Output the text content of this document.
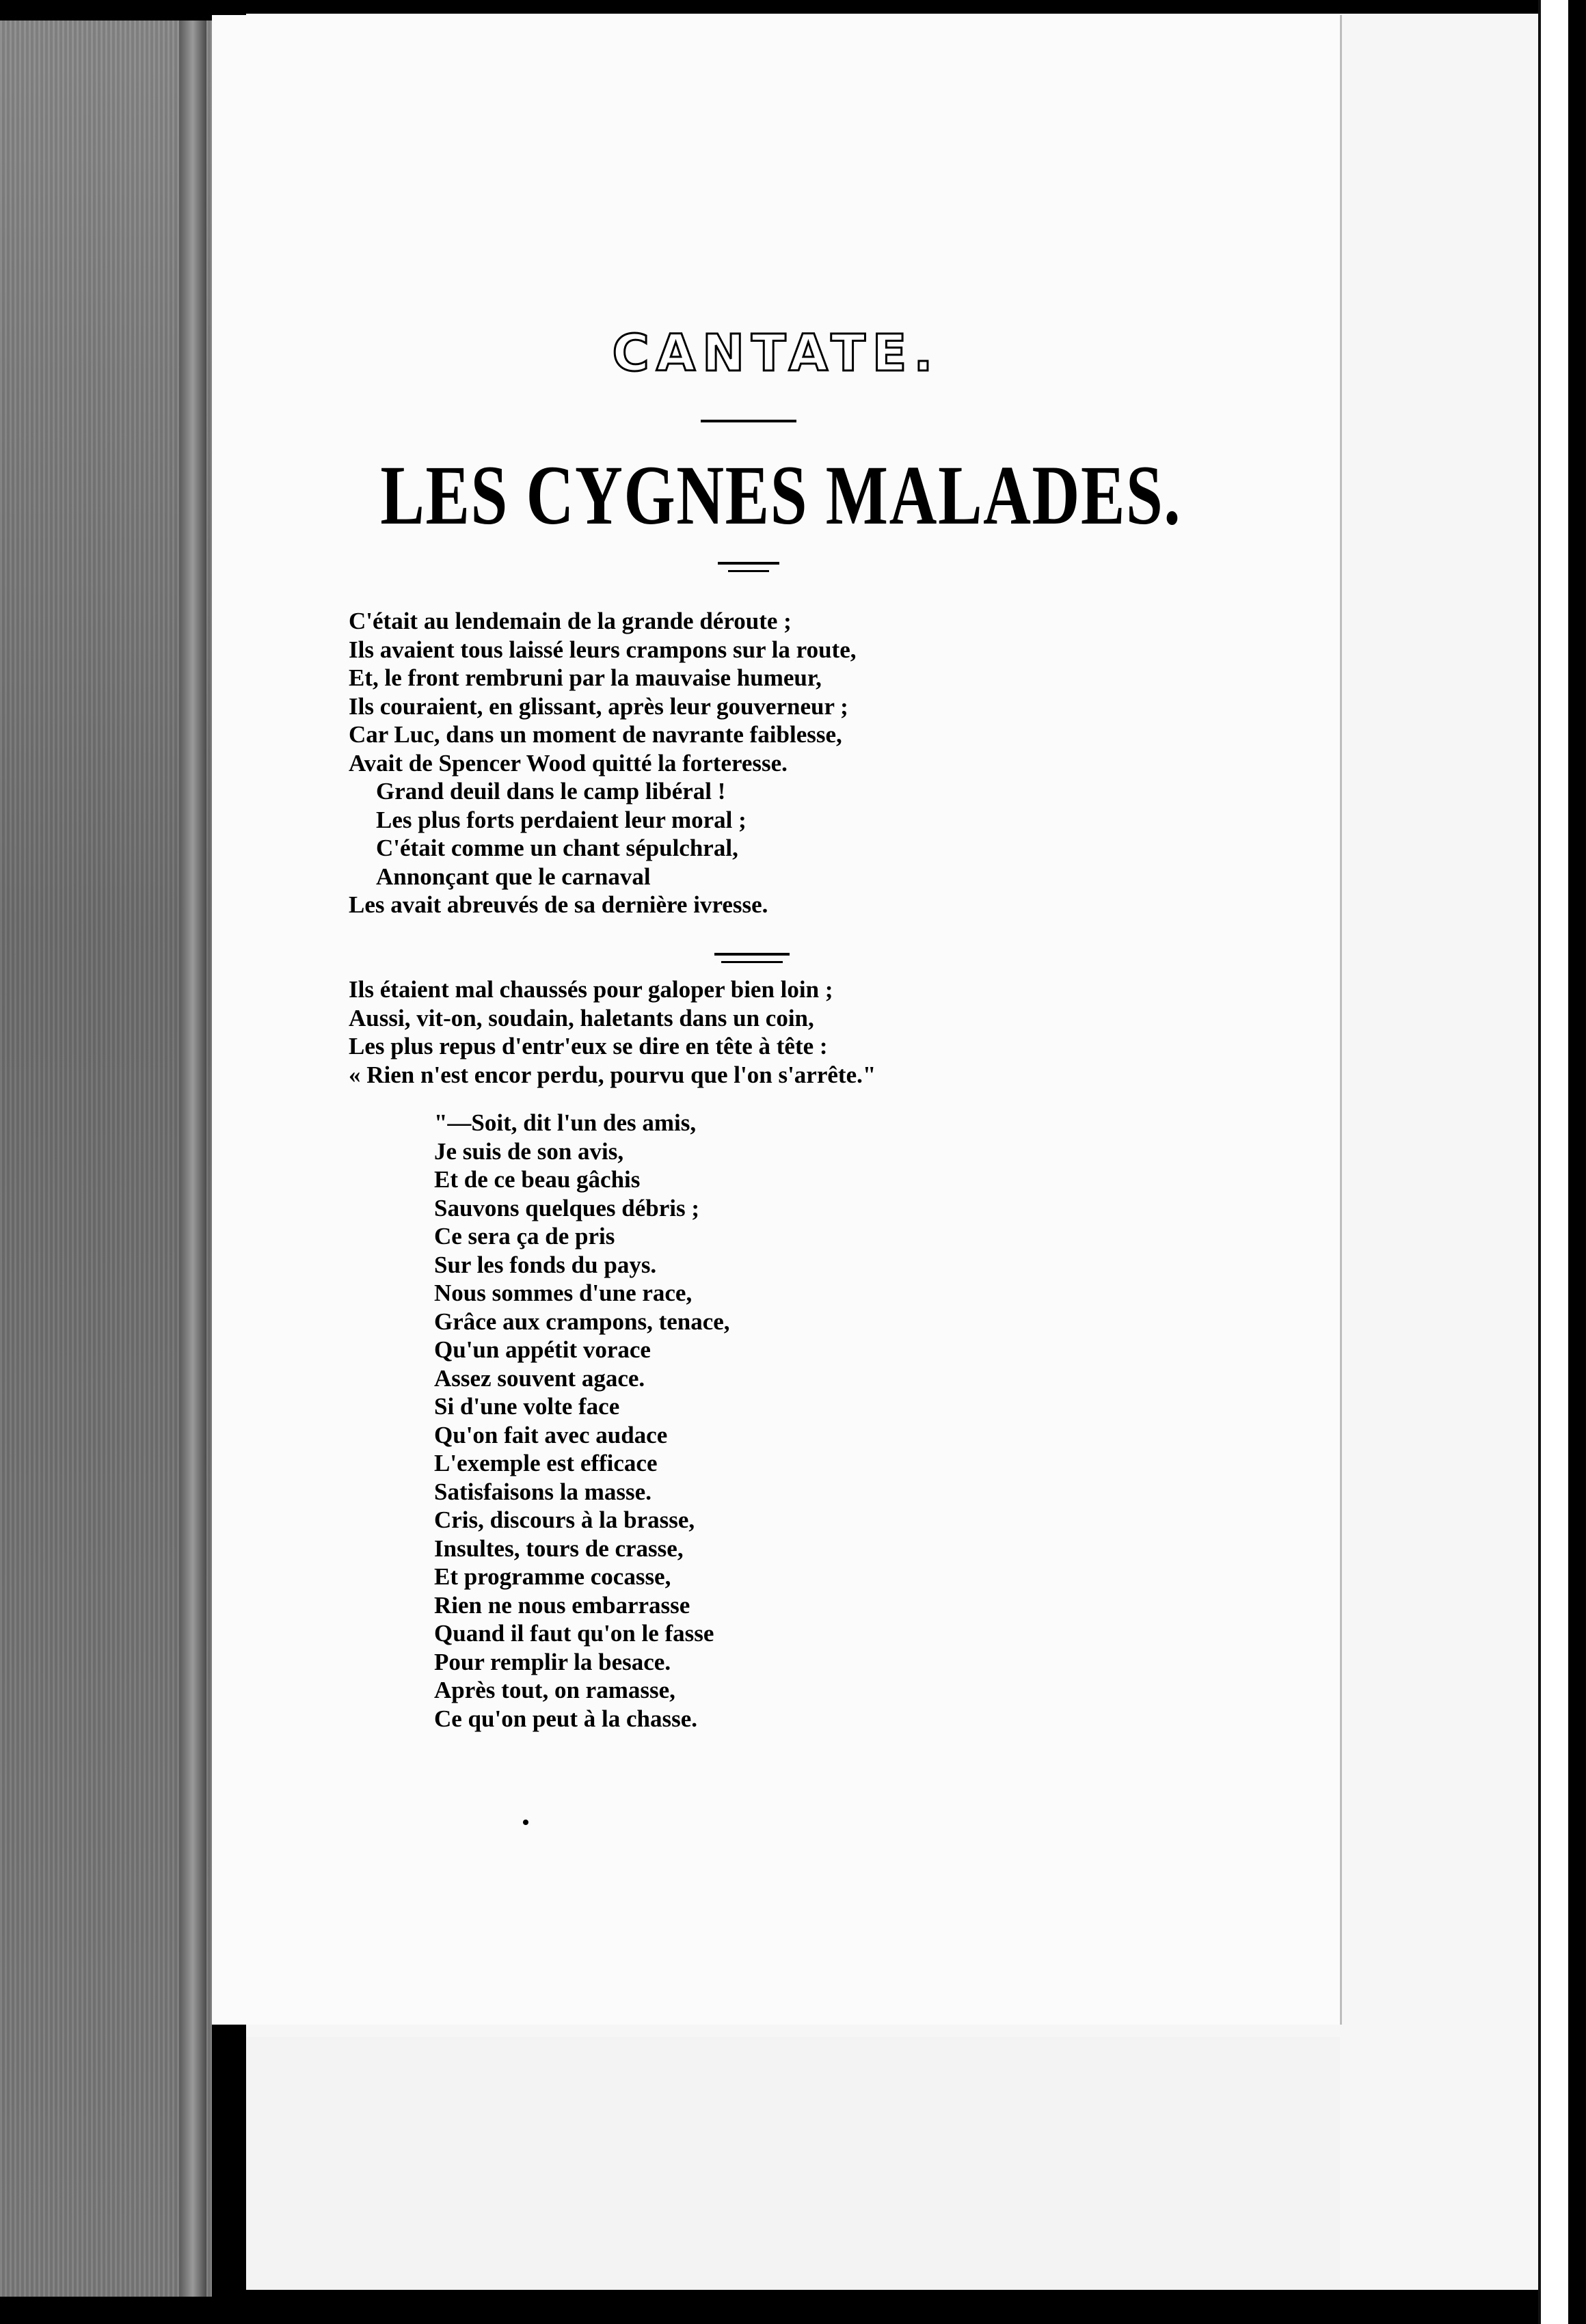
CANTATE.
LES CYGNES MALADES.
C'était au lendemain de la grande déroute ;
Ils avaient tous laissé leurs crampons sur la route,
Et, le front rembruni par la mauvaise humeur,
Ils couraient, en glissant, après leur gouverneur ;
Car Luc, dans un moment de navrante faiblesse,
Avait de Spencer Wood quitté la forteresse.
Grand deuil dans le camp libéral !
Les plus forts perdaient leur moral ;
C'était comme un chant sépulchral,
Annonçant que le carnaval
Les avait abreuvés de sa dernière ivresse.
Ils étaient mal chaussés pour galoper bien loin ;
Aussi, vit-on, soudain, haletants dans un coin,
Les plus repus d'entr'eux se dire en tête à tête :
« Rien n'est encor perdu, pourvu que l'on s'arrête."
"—Soit, dit l'un des amis,
Je suis de son avis,
Et de ce beau gâchis
Sauvons quelques débris ;
Ce sera ça de pris
Sur les fonds du pays.
Nous sommes d'une race,
Grâce aux crampons, tenace,
Qu'un appétit vorace
Assez souvent agace.
Si d'une volte face
Qu'on fait avec audace
L'exemple est efficace
Satisfaisons la masse.
Cris, discours à la brasse,
Insultes, tours de crasse,
Et programme cocasse,
Rien ne nous embarrasse
Quand il faut qu'on le fasse
Pour remplir la besace.
Après tout, on ramasse,
Ce qu'on peut à la chasse.
